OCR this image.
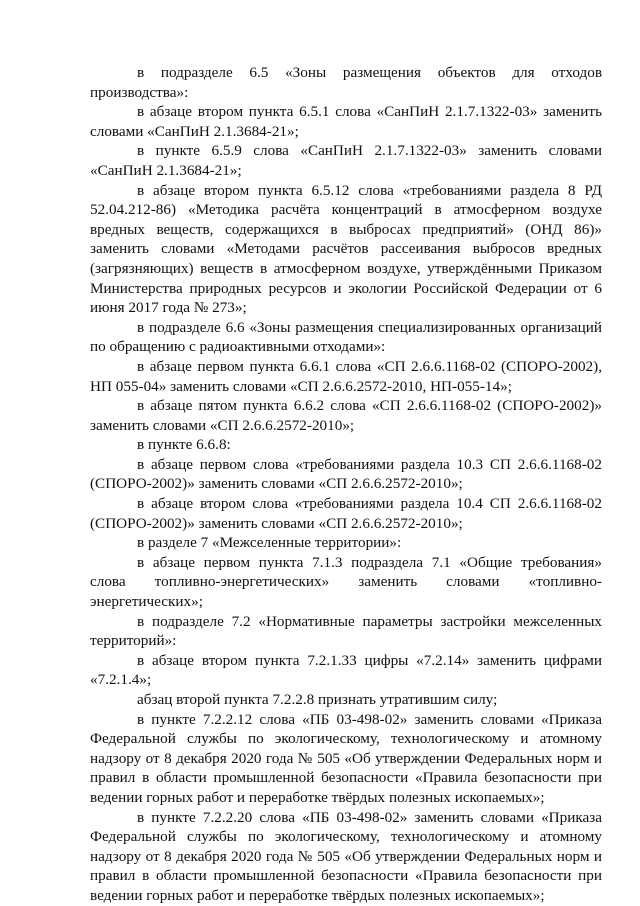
в подразделе 6.5 «Зоны размещения объектов для отходов производства»:

в абзаце втором пункта 6.5.1 слова «СанПиН 2.1.7.1322-03» заменить словами «СанПиН 2.1.3684-21»;

в пункте 6.5.9 слова «СанПиН 2.1.7.1322-03» заменить словами «СанПиН 2.1.3684-21»;

в абзаце втором пункта 6.5.12 слова «требованиями раздела 8 РД 52.04.212-86) «Методика расчёта концентраций в атмосферном воздухе вредных веществ, содержащихся в выбросах предприятий» (ОНД 86)» заменить словами «Методами расчётов рассеивания выбросов вредных (загрязняющих) веществ в атмосферном воздухе, утверждёнными Приказом Министерства природных ресурсов и экологии Российской Федерации от 6 июня 2017 года № 273»;

в подразделе 6.6 «Зоны размещения специализированных организаций по обращению с радиоактивными отходами»:

в абзаце первом пункта 6.6.1 слова «СП 2.6.6.1168-02 (СПОРО-2002), НП 055-04» заменить словами «СП 2.6.6.2572-2010, НП-055-14»;

в абзаце пятом пункта 6.6.2 слова «СП 2.6.6.1168-02 (СПОРО-2002)» заменить словами «СП 2.6.6.2572-2010»;

в пункте 6.6.8:

в абзаце первом слова «требованиями раздела 10.3 СП 2.6.6.1168-02 (СПОРО-2002)» заменить словами «СП 2.6.6.2572-2010»;

в абзаце втором слова «требованиями раздела 10.4 СП 2.6.6.1168-02 (СПОРО-2002)» заменить словами «СП 2.6.6.2572-2010»;

в разделе 7 «Межселенные территории»:

в абзаце первом пункта 7.1.3 подраздела 7.1 «Общие требования» слова топливно-энергетических» заменить словами «топливно-энергетических»;

в подразделе 7.2 «Нормативные параметры застройки межселенных территорий»:

в абзаце втором пункта 7.2.1.33 цифры «7.2.14» заменить цифрами «7.2.1.4»;

абзац второй пункта 7.2.2.8 признать утратившим силу;

в пункте 7.2.2.12 слова «ПБ 03-498-02» заменить словами «Приказа Федеральной службы по экологическому, технологическому и атомному надзору от 8 декабря 2020 года № 505 «Об утверждении Федеральных норм и правил в области промышленной безопасности «Правила безопасности при ведении горных работ и переработке твёрдых полезных ископаемых»;

в пункте 7.2.2.20 слова «ПБ 03-498-02» заменить словами «Приказа Федеральной службы по экологическому, технологическому и атомному надзору от 8 декабря 2020 года № 505 «Об утверждении Федеральных норм и правил в области промышленной безопасности «Правила безопасности при ведении горных работ и переработке твёрдых полезных ископаемых»;
